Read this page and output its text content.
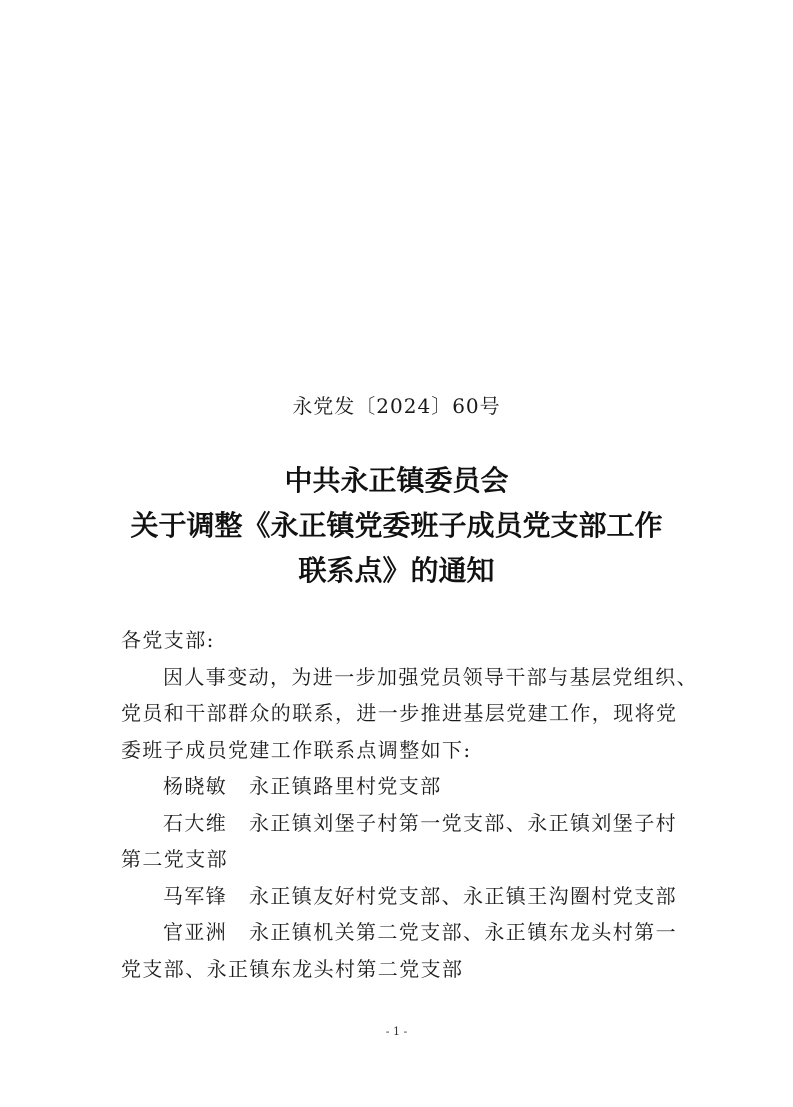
永党发〔2024〕60号
中共永正镇委员会
关于调整《永正镇党委班子成员党支部工作
联系点》的通知
各党支部:
因人事变动，为进一步加强党员领导干部与基层党组织、
党员和干部群众的联系，进一步推进基层党建工作，现将党
委班子成员党建工作联系点调整如下:
杨晓敏 永正镇路里村党支部
石大维 永正镇刘堡子村第一党支部、永正镇刘堡子村
第二党支部
马军锋 永正镇友好村党支部、永正镇王沟圈村党支部
官亚洲 永正镇机关第二党支部、永正镇东龙头村第一
党支部、永正镇东龙头村第二党支部
- 1 -
